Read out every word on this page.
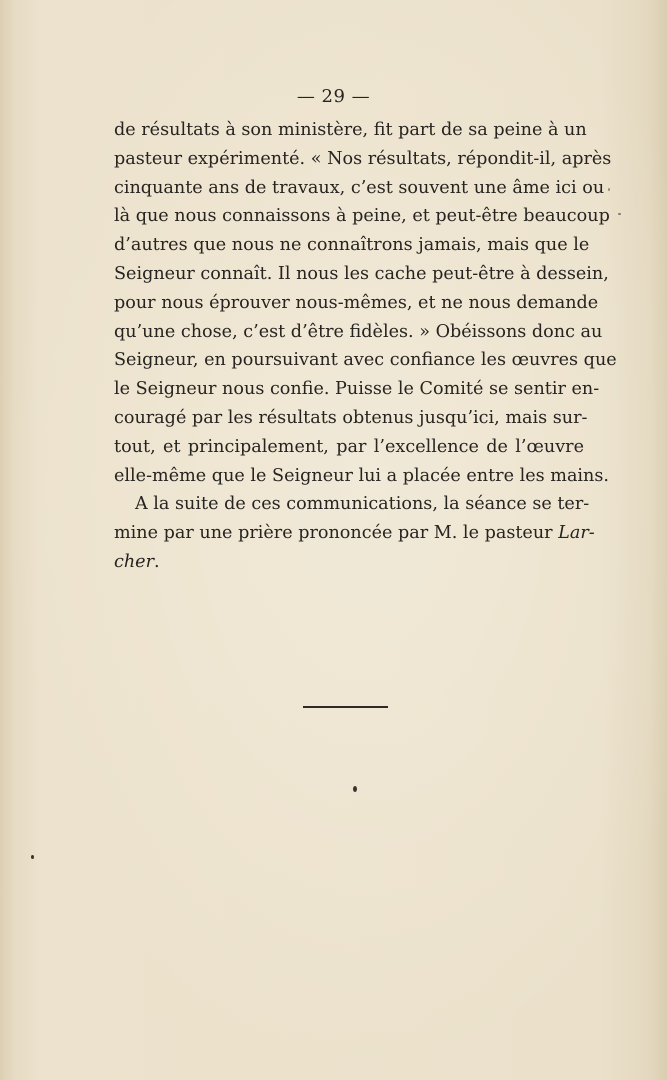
— 29 —
de résultats à son ministère, fit part de sa peine à un
pasteur expérimenté. « Nos résultats, répondit-il, après
cinquante ans de travaux, c’est souvent une âme ici ou
là que nous connaissons à peine, et peut-être beaucoup
d’autres que nous ne connaîtrons jamais, mais que le
Seigneur connaît. Il nous les cache peut-être à dessein,
pour nous éprouver nous-mêmes, et ne nous demande
qu’une chose, c’est d’être fidèles. » Obéissons donc au
Seigneur, en poursuivant avec confiance les œuvres que
le Seigneur nous confie. Puisse le Comité se sentir en-
couragé par les résultats obtenus jusqu’ici, mais sur-
tout, et principalement, par l’excellence de l’œuvre
elle-même que le Seigneur lui a placée entre les mains.
A la suite de ces communications, la séance se ter-
mine par une prière prononcée par M. le pasteur Lar-
cher.
